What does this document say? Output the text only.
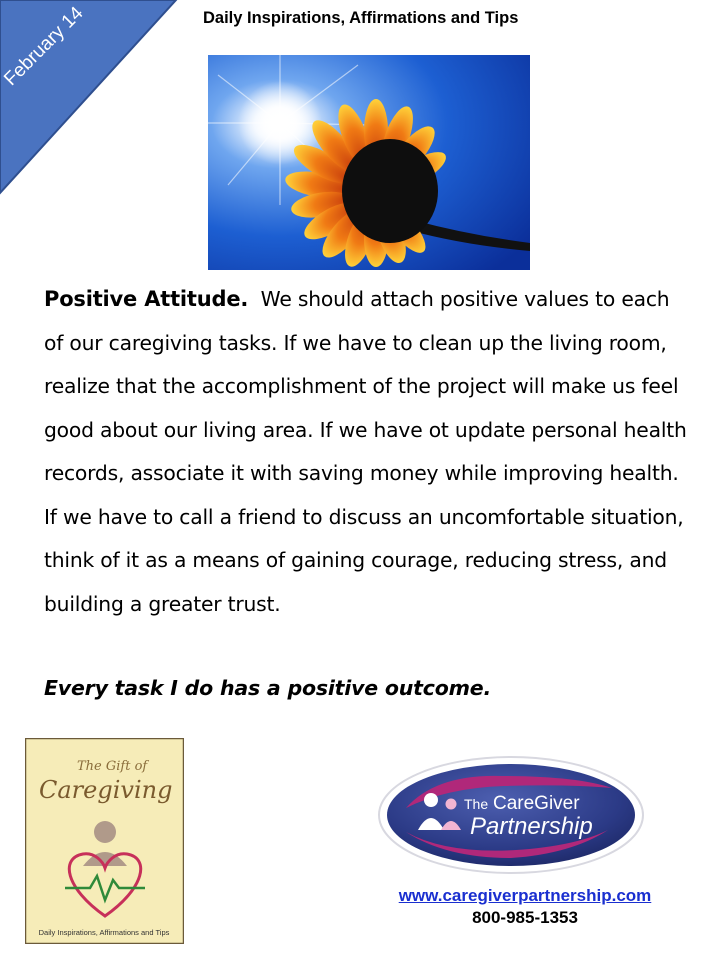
February 14	Daily Inspirations, Affirmations and Tips
Positive Attitude. We should attach positive values to each of our caregiving tasks. If we have to clean up the living room, realize that the accomplishment of the project will make us feel good about our living area. If we have ot update personal health records, associate it with saving money while improving health. If we have to call a friend to discuss an uncomfortable situation, think of it as a means of gaining courage, reducing stress, and building a greater trust.
Every task I do has a positive outcome.
The Gift of
Caregiving
Daily Inspirations, Affirmations and Tips
The CareGiver
Partnership
www.caregiverpartnership.com
800-985-1353
